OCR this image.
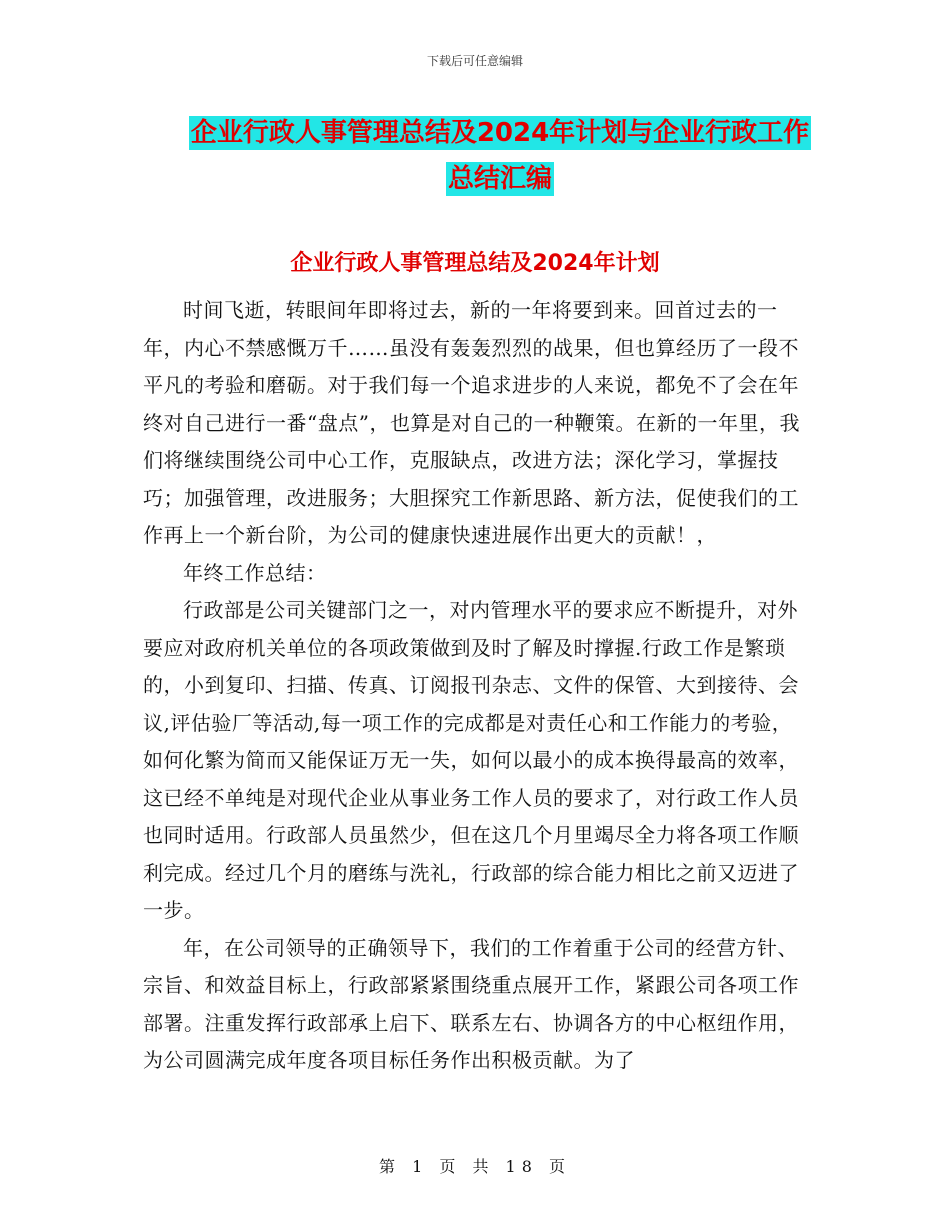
下载后可任意编辑
企业行政人事管理总结及2024年计划与企业行政工作
总结汇编
企业行政人事管理总结及2024年计划

时间飞逝，转眼间年即将过去，新的一年将要到来。回首过去的一年，内心不禁感慨万千……虽没有轰轰烈烈的战果，但也算经历了一段不平凡的考验和磨砺。对于我们每一个追求进步的人来说，都免不了会在年终对自己进行一番“盘点”，也算是对自己的一种鞭策。在新的一年里，我们将继续围绕公司中心工作，克服缺点，改进方法；深化学习，掌握技巧；加强管理，改进服务；大胆探究工作新思路、新方法，促使我们的工作再上一个新台阶，为公司的健康快速进展作出更大的贡献！，

年终工作总结：

行政部是公司关键部门之一，对内管理水平的要求应不断提升，对外要应对政府机关单位的各项政策做到及时了解及时撑握.行政工作是繁琐的，小到复印、扫描、传真、订阅报刊杂志、文件的保管、大到接待、会议,评估验厂等活动,每一项工作的完成都是对责任心和工作能力的考验，如何化繁为简而又能保证万无一失，如何以最小的成本换得最高的效率，这已经不单纯是对现代企业从事业务工作人员的要求了，对行政工作人员也同时适用。行政部人员虽然少，但在这几个月里竭尽全力将各项工作顺利完成。经过几个月的磨练与洗礼，行政部的综合能力相比之前又迈进了一步。

年，在公司领导的正确领导下，我们的工作着重于公司的经营方针、宗旨、和效益目标上，行政部紧紧围绕重点展开工作，紧跟公司各项工作部署。注重发挥行政部承上启下、联系左右、协调各方的中心枢纽作用，为公司圆满完成年度各项目标任务作出积极贡献。为了

第 1 页 共 18 页
